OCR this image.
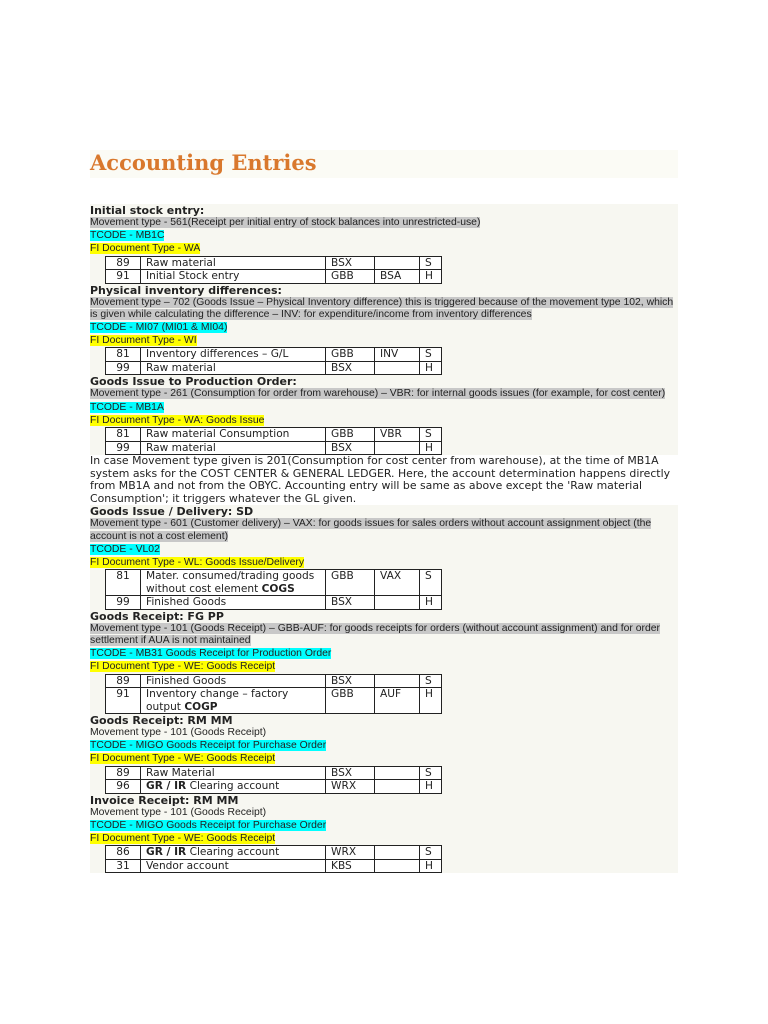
Accounting Entries
Initial stock entry:
Movement type - 561(Receipt per initial entry of stock balances into unrestricted-use)
TCODE - MB1C
FI Document Type - WA
89	Raw material	BSX		S
91	Initial Stock entry	GBB	BSA	H
Physical inventory differences:
Movement type – 702 (Goods Issue – Physical Inventory difference) this is triggered because of the movement type 102, which is given while calculating the difference – INV: for expenditure/income from inventory differences
TCODE - MI07 (MI01 & MI04)
FI Document Type - WI
81	Inventory differences – G/L	GBB	INV	S
99	Raw material	BSX		H
Goods Issue to Production Order:
Movement type - 261 (Consumption for order from warehouse) – VBR: for internal goods issues (for example, for cost center)
TCODE - MB1A
FI Document Type - WA: Goods Issue
81	Raw material Consumption	GBB	VBR	S
99	Raw material	BSX		H
In case Movement type given is 201(Consumption for cost center from warehouse), at the time of MB1A system asks for the COST CENTER & GENERAL LEDGER. Here, the account determination happens directly from MB1A and not from the OBYC. Accounting entry will be same as above except the 'Raw material Consumption'; it triggers whatever the GL given.
Goods Issue / Delivery: SD
Movement type - 601 (Customer delivery) – VAX: for goods issues for sales orders without account assignment object (the account is not a cost element)
TCODE - VL02
FI Document Type - WL: Goods Issue/Delivery
81	Mater. consumed/trading goods without cost element COGS	GBB	VAX	S
99	Finished Goods	BSX		H
Goods Receipt: FG PP
Movement type - 101 (Goods Receipt) – GBB-AUF: for goods receipts for orders (without account assignment) and for order settlement if AUA is not maintained
TCODE - MB31 Goods Receipt for Production Order
FI Document Type - WE: Goods Receipt
89	Finished Goods	BSX		S
91	Inventory change – factory output COGP	GBB	AUF	H
Goods Receipt: RM MM
Movement type - 101 (Goods Receipt)
TCODE - MIGO Goods Receipt for Purchase Order
FI Document Type - WE: Goods Receipt
89	Raw Material	BSX		S
96	GR / IR Clearing account	WRX		H
Invoice Receipt: RM MM
Movement type - 101 (Goods Receipt)
TCODE - MIGO Goods Receipt for Purchase Order
FI Document Type - WE: Goods Receipt
86	GR / IR Clearing account	WRX		S
31	Vendor account	KBS		H
